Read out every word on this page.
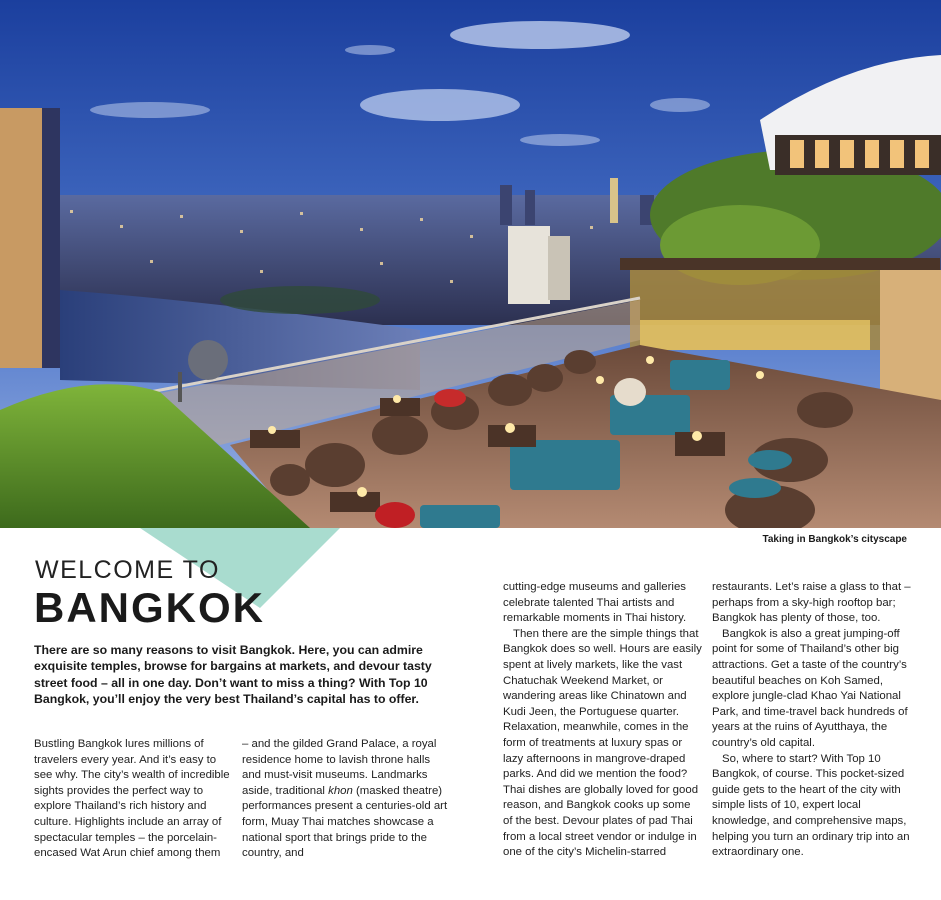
Taking in Bangkok’s cityscape
WELCOME TO
BANGKOK
There are so many reasons to visit Bangkok. Here, you can admire exquisite temples, browse for bargains at markets, and devour tasty street food – all in one day. Don’t want to miss a thing? With Top 10 Bangkok, you’ll enjoy the very best Thailand’s capital has to offer.

Bustling Bangkok lures millions of travelers every year. And it’s easy to see why. The city’s wealth of incredible sights provides the perfect way to explore Thailand’s rich history and culture. Highlights include an array of spectacular temples – the porcelain-encased Wat Arun chief among them

– and the gilded Grand Palace, a royal residence home to lavish throne halls and must-visit museums. Landmarks aside, traditional khon (masked theatre) performances present a centuries-old art form, Muay Thai matches showcase a national sport that brings pride to the country, and

cutting-edge museums and galleries celebrate talented Thai artists and remarkable moments in Thai history.

Then there are the simple things that Bangkok does so well. Hours are easily spent at lively markets, like the vast Chatuchak Weekend Market, or wandering areas like Chinatown and Kudi Jeen, the Portuguese quarter. Relaxation, meanwhile, comes in the form of treatments at luxury spas or lazy afternoons in mangrove-draped parks. And did we mention the food? Thai dishes are globally loved for good reason, and Bangkok cooks up some of the best. Devour plates of pad Thai from a local street vendor or indulge in one of the city’s Michelin-starred

restaurants. Let’s raise a glass to that – perhaps from a sky-high rooftop bar; Bangkok has plenty of those, too.

Bangkok is also a great jumping-off point for some of Thailand’s other big attractions. Get a taste of the country’s beautiful beaches on Koh Samed, explore jungle-clad Khao Yai National Park, and time-travel back hundreds of years at the ruins of Ayutthaya, the country’s old capital.

So, where to start? With Top 10 Bangkok, of course. This pocket-sized guide gets to the heart of the city with simple lists of 10, expert local knowledge, and comprehensive maps, helping you turn an ordinary trip into an extraordinary one.
